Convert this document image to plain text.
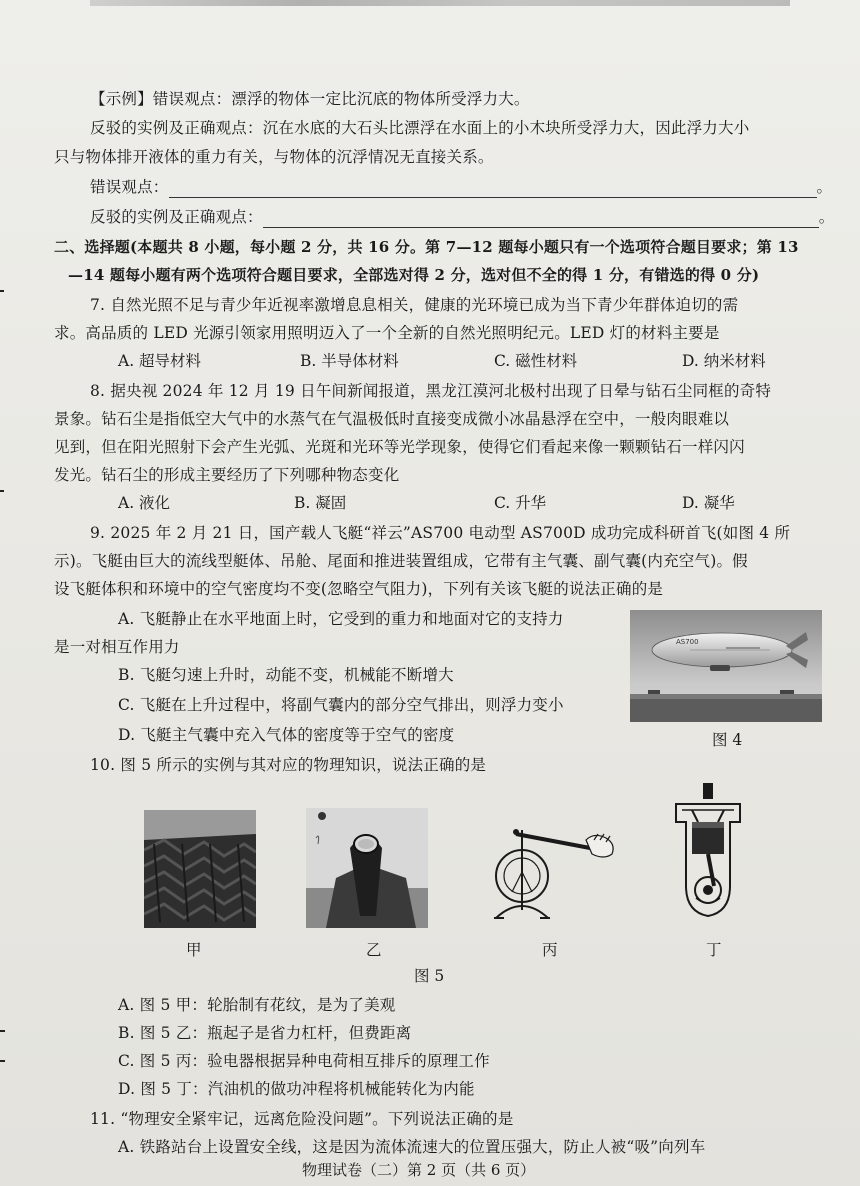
【示例】错误观点：漂浮的物体一定比沉底的物体所受浮力大。
反驳的实例及正确观点：沉在水底的大石头比漂浮在水面上的小木块所受浮力大，因此浮力大小
只与物体排开液体的重力有关，与物体的沉浮情况无直接关系。
错误观点：	。
反驳的实例及正确观点：	。
二、选择题(本题共 8 小题，每小题 2 分，共 16 分。第 7—12 题每小题只有一个选项符合题目要求；第 13
—14 题每小题有两个选项符合题目要求，全部选对得 2 分，选对但不全的得 1 分，有错选的得 0 分)
7. 自然光照不足与青少年近视率激增息息相关，健康的光环境已成为当下青少年群体迫切的需
求。高品质的 LED 光源引领家用照明迈入了一个全新的自然光照明纪元。LED 灯的材料主要是
A. 超导材料	B. 半导体材料	C. 磁性材料	D. 纳米材料
8. 据央视 2024 年 12 月 19 日午间新闻报道，黑龙江漠河北极村出现了日晕与钻石尘同框的奇特
景象。钻石尘是指低空大气中的水蒸气在气温极低时直接变成微小冰晶悬浮在空中，一般肉眼难以
见到，但在阳光照射下会产生光弧、光斑和光环等光学现象，使得它们看起来像一颗颗钻石一样闪闪
发光。钻石尘的形成主要经历了下列哪种物态变化
A. 液化	B. 凝固	C. 升华	D. 凝华
9. 2025 年 2 月 21 日，国产载人飞艇“祥云”AS700 电动型 AS700D 成功完成科研首飞(如图 4 所
示)。飞艇由巨大的流线型艇体、吊舱、尾面和推进装置组成，它带有主气囊、副气囊(内充空气)。假
设飞艇体积和环境中的空气密度均不变(忽略空气阻力)，下列有关该飞艇的说法正确的是
A. 飞艇静止在水平地面上时，它受到的重力和地面对它的支持力
是一对相互作用力
B. 飞艇匀速上升时，动能不变，机械能不断增大
C. 飞艇在上升过程中，将副气囊内的部分空气排出，则浮力变小
D. 飞艇主气囊中充入气体的密度等于空气的密度
AS700
图 4
10. 图 5 所示的实例与其对应的物理知识，说法正确的是
甲	乙	丙	丁
图 5
A. 图 5 甲：轮胎制有花纹，是为了美观
B. 图 5 乙：瓶起子是省力杠杆，但费距离
C. 图 5 丙：验电器根据异种电荷相互排斥的原理工作
D. 图 5 丁：汽油机的做功冲程将机械能转化为内能
11. “物理安全紧牢记，远离危险没问题”。下列说法正确的是
A. 铁路站台上设置安全线，这是因为流体流速大的位置压强大，防止人被“吸”向列车
物理试卷（二）第 2 页（共 6 页）
